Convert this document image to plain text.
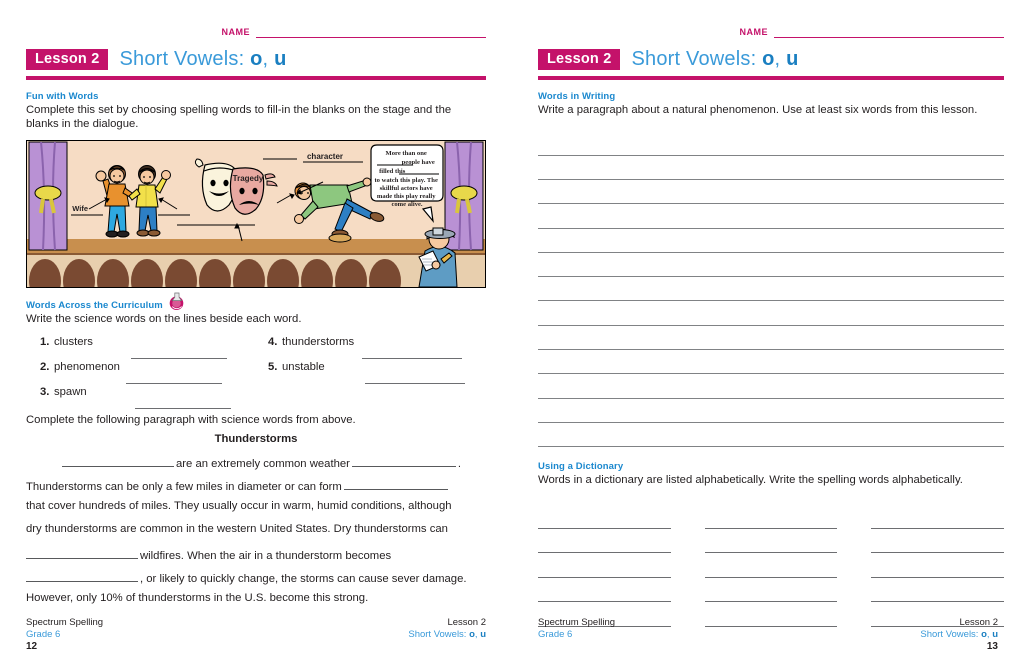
NAME
Lesson 2	Short Vowels: o, u
Fun with Words
Complete this set by choosing spelling words to fill-in the blanks on the stage and the blanks in the dialogue.
Tragedy
More than one people have filled this to watch this play. The skillful actors have made this play really come alive.
Wife
character
Words Across the Curriculum
Write the science words on the lines beside each word.
1. clusters	4. thunderstorms
2. phenomenon	5. unstable
3. spawn
Complete the following paragraph with science words from above.
Thunderstorms
are an extremely common weather	.
Thunderstorms can be only a few miles in diameter or can form
that cover hundreds of miles. They usually occur in warm, humid conditions, although
dry thunderstorms are common in the western United States. Dry thunderstorms can
wildfires. When the air in a thunderstorm becomes
, or likely to quickly change, the storms can cause sever damage.
However, only 10% of thunderstorms in the U.S. become this strong.
Spectrum Spelling
Grade 6
12
Lesson 2
Short Vowels: o, u
NAME
Lesson 2	Short Vowels: o, u
Words in Writing
Write a paragraph about a natural phenomenon. Use at least six words from this lesson.
Using a Dictionary
Words in a dictionary are listed alphabetically. Write the spelling words alphabetically.
Spectrum Spelling
Grade 6
Lesson 2
Short Vowels: o, u
13
